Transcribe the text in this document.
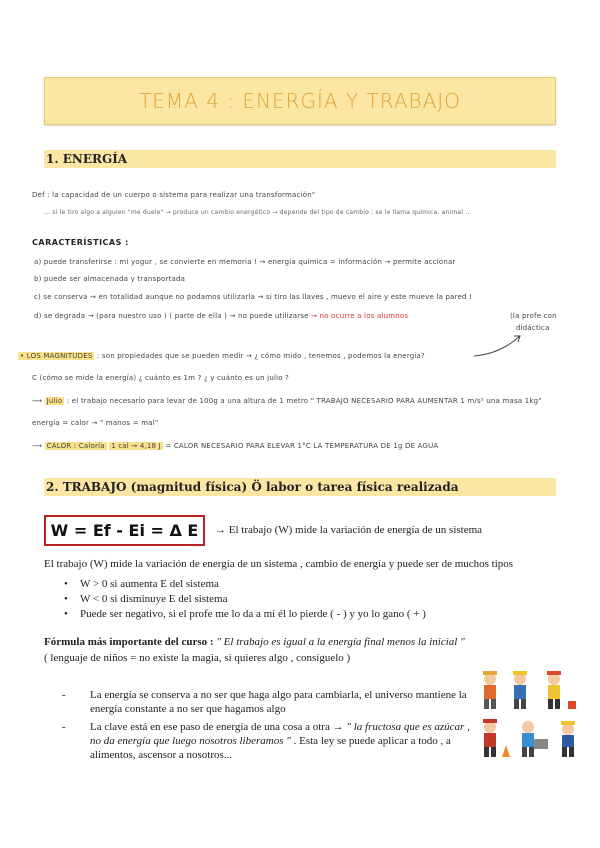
TEMA 4 : ENERGÍA Y TRABAJO
1. ENERGÍA
Def : la capacidad de un cuerpo o sistema para realizar una transformación"
... si le tiro algo a alguien "me duele" → produce un cambio energético → depende del tipo de cambio : se le llama química, animal ...
CARACTERÍSTICAS :
a) puede transferirse : mi yogur , se convierte en memoria ! → energía química = información → permite accionar
b) puede ser almacenada y transportada
c) se conserva → en totalidad aunque no podamos utilizarla → si tiro las llaves , muevo el aire y este mueve la pared !
d) se degrada → (para nuestro uso ) ( parte de ella ) → no puede utilizarse → no ocurre a los alumnos	(la profe con
didáctica
• LOS MAGNITUDES : son propiedades que se pueden medir → ¿ cómo mido , tenemos , podemos la energía?
C (cómo se mide la energía) ¿ cuánto es 1m ? ¿ y cuánto es un julio ?
⟶ Julio : el trabajo necesario para levar de 100g a una altura de 1 metro " TRABAJO NECESARIO PARA AUMENTAR 1 m/s² una masa 1kg"
energía = calor → " manos = mal"
⟶ CALOR : Caloría 1 cal → 4,18 J = CALOR NECESARIO PARA ELEVAR 1°C LA TEMPERATURA DE 1g DE AGUA
2. TRABAJO (magnitud física) Ö labor o tarea física realizada
W = Ef - Ei = Δ E	→ El trabajo (W) mide la variación de energía de un sistema
El trabajo (W) mide la variación de energía de un sistema , cambio de energía y puede ser de muchos tipos
• W > 0 si aumenta E del sistema
• W < 0 si disminuye E del sistema
• Puede ser negativo, si el profe me lo da a mí él lo pierde ( - ) y yo lo gano ( + )
Fórmula más importante del curso : " El trabajo es igual a la energía final menos la inicial "
( lenguaje de niños = no existe la magia, si quieres algo , consíguelo )
- La energía se conserva a no ser que haga algo para cambiarla, el universo mantiene la energía constante a no ser que hagamos algo
- La clave está en ese paso de energía de una cosa a otra → " la fructosa que es azúcar , no da energía que luego nosotros liberamos " . Esta ley se puede aplicar a todo , a alimentos, ascensor a nosotros...
